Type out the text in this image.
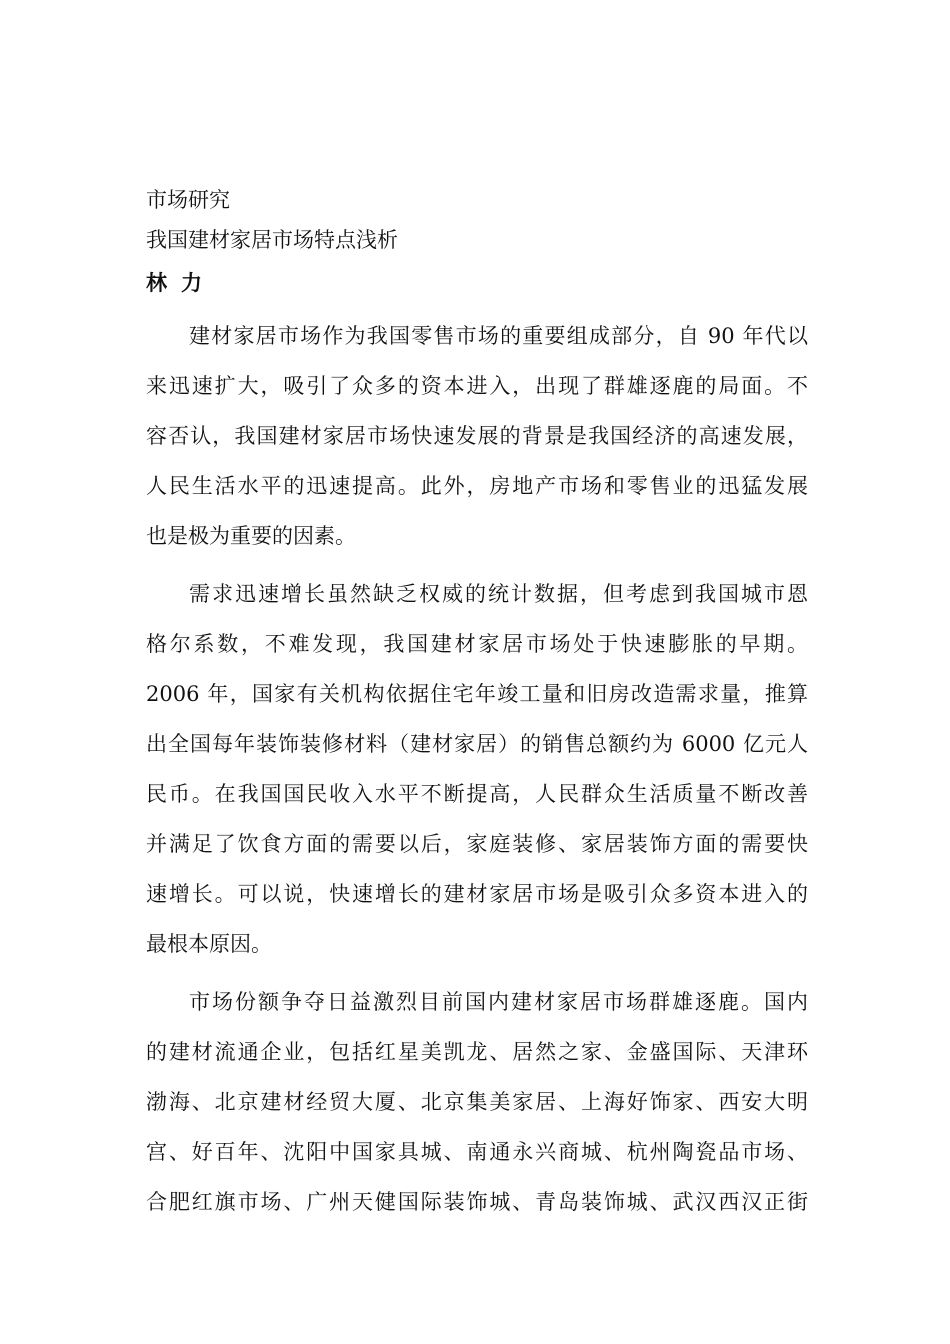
市场研究
我国建材家居市场特点浅析
林力
建材家居市场作为我国零售市场的重要组成部分，自 90 年代以
来迅速扩大，吸引了众多的资本进入，出现了群雄逐鹿的局面。不
容否认，我国建材家居市场快速发展的背景是我国经济的高速发展，
人民生活水平的迅速提高。此外，房地产市场和零售业的迅猛发展
也是极为重要的因素。
需求迅速增长虽然缺乏权威的统计数据，但考虑到我国城市恩
格尔系数，不难发现，我国建材家居市场处于快速膨胀的早期。
2006 年，国家有关机构依据住宅年竣工量和旧房改造需求量，推算
出全国每年装饰装修材料（建材家居）的销售总额约为 6000 亿元人
民币。在我国国民收入水平不断提高，人民群众生活质量不断改善
并满足了饮食方面的需要以后，家庭装修、家居装饰方面的需要快
速增长。可以说，快速增长的建材家居市场是吸引众多资本进入的
最根本原因。
市场份额争夺日益激烈目前国内建材家居市场群雄逐鹿。国内
的建材流通企业，包括红星美凯龙、居然之家、金盛国际、天津环
渤海、北京建材经贸大厦、北京集美家居、上海好饰家、西安大明
宫、好百年、沈阳中国家具城、南通永兴商城、杭州陶瓷品市场、
合肥红旗市场、广州天健国际装饰城、青岛装饰城、武汉西汉正街
